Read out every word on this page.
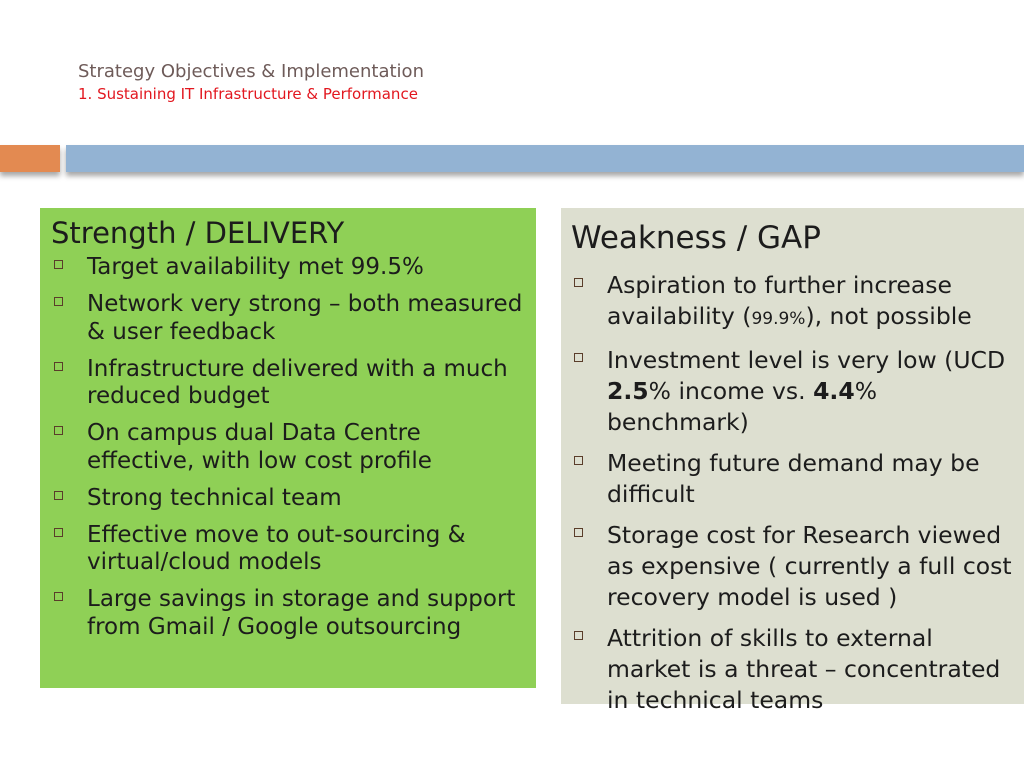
Strategy Objectives & Implementation
1. Sustaining IT Infrastructure & Performance
Strength / DELIVERY
Target availability met 99.5%
Network very strong – both measured & user feedback
Infrastructure delivered with a much reduced budget
On campus dual Data Centre effective, with low cost profile
Strong technical team
Effective move to out-sourcing & virtual/cloud models
Large savings in storage and support from Gmail / Google outsourcing
Weakness / GAP
Aspiration to further increase availability (99.9%), not possible
Investment level is very low (UCD 2.5% income vs. 4.4% benchmark)
Meeting future demand may be difficult
Storage cost for Research viewed as expensive ( currently a full cost recovery model is used )
Attrition of skills to external market is a threat – concentrated in technical teams
